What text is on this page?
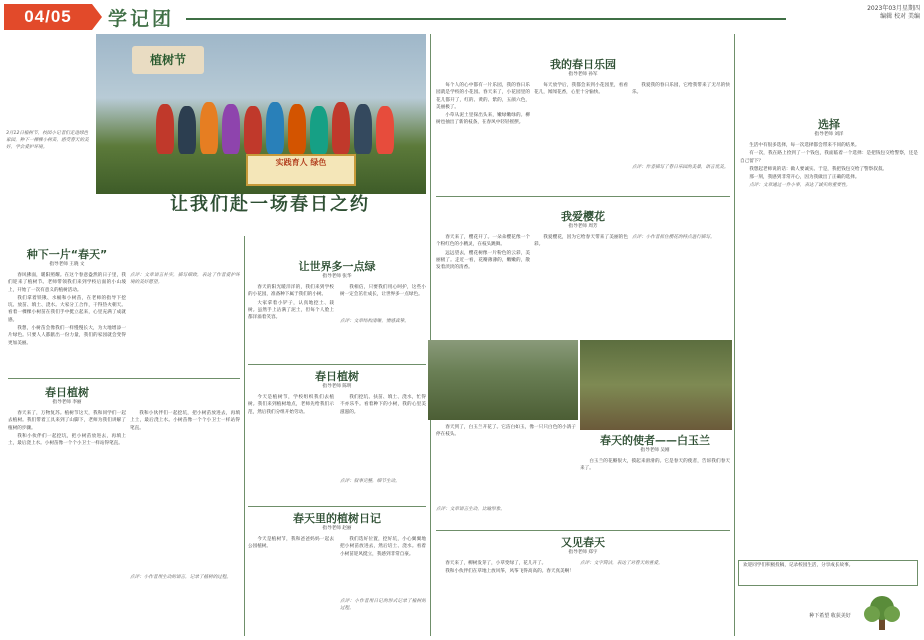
04/05	学记团	2023年03月星期四
编辑 校对 美编
植树节
实践育人 绿色
3月12日植树节，校园小记者们走进绿色家园，种下一棵棵小树苗，感受春天的美好，学会爱护环境。
让我们赴一场春日之约
种下一片“春天”
指导老师 王晓 文

春风拂面，暖阳照耀。在这个春意盎然的日子里，我们迎来了植树节。老师带领我们来到学校后面的小山坡上，开始了一次有意义的植树活动。

我们拿着铁锹、水桶和小树苗，在老师的指导下挖坑、放苗、填土、浇水。大家分工合作，干得热火朝天。看着一棵棵小树苗在我们手中挺立起来，心里充满了成就感。

我想，小树苗会像我们一样慢慢长大，为大地增添一片绿色。只要人人都献出一份力量，我们的家园就会变得更加美丽。

点评：文章语言朴实，描写细致，表达了作者爱护环境的美好愿望。
春日植树
指导老师 李丽

春天来了，万物复苏。植树节这天，我和同学们一起去植树。我们带着工具来到了山脚下，老师为我们讲解了植树的步骤。

我和小伙伴们一起挖坑，把小树苗放进去，再填上土，最后浇上水。小树苗像一个个小卫士一样站得笔直。

我和小伙伴们一起挖坑，把小树苗放进去，再填上土，最后浇上水。小树苗像一个个小卫士一样站得笔直。

点评：小作者用生动的语言，记录了植树的过程。
让世界多一点绿
指导老师 张华

春天的阳光暖洋洋的，我们来到学校的小花园，准备种下属于我们的小树。

大家拿着小铲子，认真地挖土、栽树。虽然手上沾满了泥土，但每个人脸上都洋溢着笑容。

我相信，只要我们用心呵护，这些小树一定会茁壮成长，让世界多一点绿色。

点评：文章结构清晰，情感真挚。
春日植树
指导老师 陈明

今天是植树节，学校组织我们去植树。我们来到植树地点，老师先给我们示范，然后我们分组开始劳动。

我们挖坑、扶苗、填土、浇水，忙得不亦乐乎。看着种下的小树，我的心里美滋滋的。

点评：叙事完整，细节生动。
春天里的植树日记
指导老师 赵丽

今天是植树节，我和爸爸妈妈一起去公园植树。

我们选好位置，挖好坑，小心翼翼地把小树苗放进去，然后培土、浇水。看着小树苗迎风挺立，我感到非常自豪。

点评：小作者用日记的形式记录了植树的过程。
我的春日乐园
指导老师 孙军

每个人的心中都有一片乐园，我的春日乐园就是学校的小花园。春天来了，小花园里的花儿都开了，红的、黄的、紫的，五颜六色，美丽极了。

小草从泥土里探出头来，嫩绿嫩绿的。柳树也抽出了新的枝条，在春风中轻轻摇摆。

每天放学后，我都会来到小花园里，看看花儿，闻闻花香，心里十分愉快。

我爱我的春日乐园，它给我带来了无尽的快乐。

点评：作者描写了春日乐园的美景，语言优美。
我爱樱花
指导老师 周芳

春天来了，樱花开了。一朵朵樱花像一个个粉红色的小精灵，在枝头跳舞。

远远望去，樱花树像一片粉色的云彩，美丽极了。走近一看，花瓣薄薄的，嫩嫩的，散发着淡淡的清香。

我爱樱花，因为它给春天带来了美丽的色彩。

点评：小作者抓住樱花的特点进行描写。
春天的使者——白玉兰
指导老师 吴刚

春天到了，白玉兰开花了。它洁白如玉，像一只只白色的小鸽子停在枝头。

白玉兰的花瓣很大，摸起来滑滑的。它是春天的使者，告诉我们春天来了。

点评：文章语言生动，比喻形象。
又见春天
指导老师 郑宇

春天来了，柳树发芽了，小草变绿了，花儿开了。

我和小伙伴们在草地上放风筝，风筝飞得高高的。春天真美啊！

点评：文字简洁，表达了对春天的喜爱。
选择
指导老师 刘洋

生活中有很多选择，每一次选择都会带来不同的结果。

有一次，我在路上捡到了一个钱包，我面临着一个选择：是把钱包交给警察，还是自己留下？

我想起老师说的话：做人要诚实。于是，我把钱包交给了警察叔叔。

那一刻，我感到非常开心，因为我做出了正确的选择。

点评：文章通过一件小事，表达了诚实的重要性。

欢迎同学们积极投稿，记录校园生活，分享成长故事。
种下希望 收获美好
